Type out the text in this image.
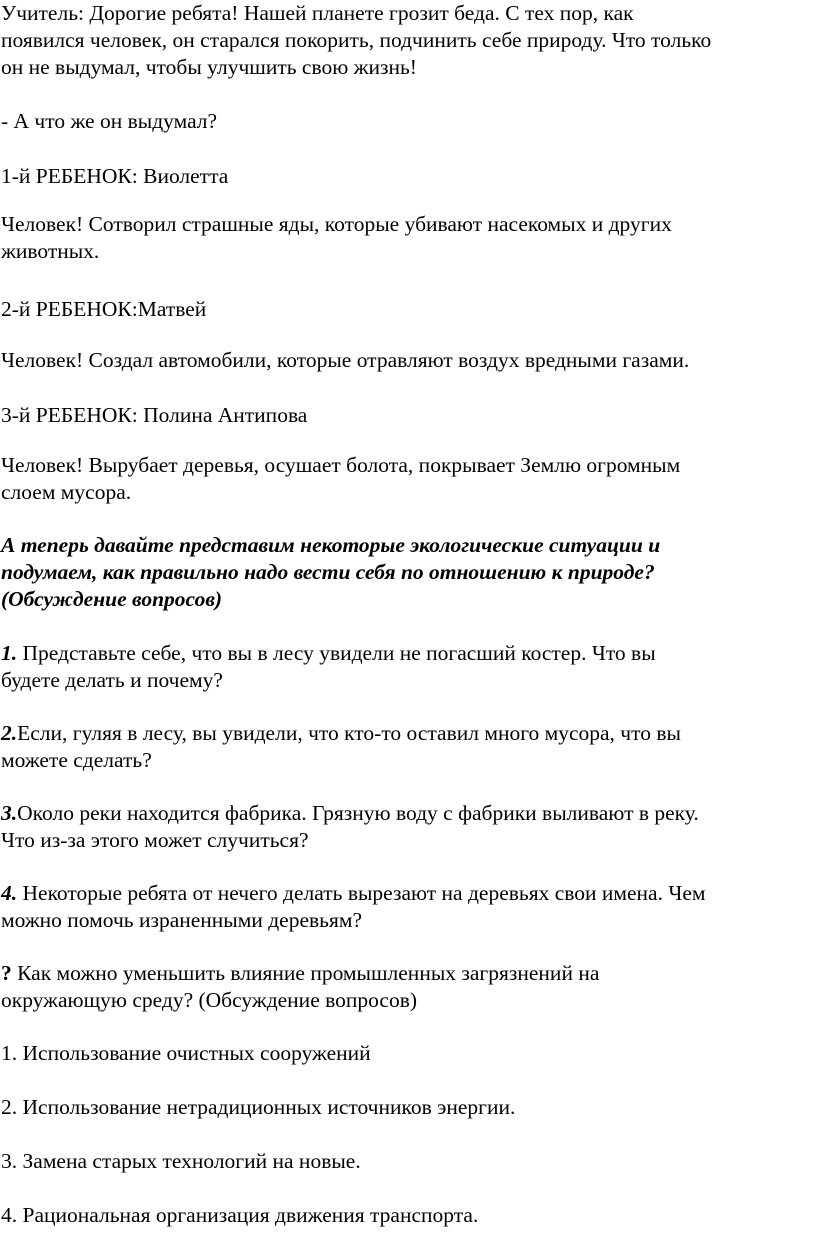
Учитель: Дорогие ребята! Нашей планете грозит беда. С тех пор, как
появился человек, он старался покорить, подчинить себе природу. Что только
он не выдумал, чтобы улучшить свою жизнь!

- А что же он выдумал?

1-й РЕБЕНОК: Виолетта

Человек! Сотворил страшные яды, которые убивают насекомых и других
животных.

2-й РЕБЕНОК:Матвей

Человек! Создал автомобили, которые отравляют воздух вредными газами.

3-й РЕБЕНОК: Полина Антипова

Человек! Вырубает деревья, осушает болота, покрывает Землю огромным
слоем мусора.

А теперь давайте представим некоторые экологические ситуации и
подумаем, как правильно надо вести себя по отношению к природе?
(Обсуждение вопросов)

1. Представьте себе, что вы в лесу увидели не погасший костер. Что вы
будете делать и почему?

2.Если, гуляя в лесу, вы увидели, что кто-то оставил много мусора, что вы
можете сделать?

3.Около реки находится фабрика. Грязную воду с фабрики выливают в реку.
Что из-за этого может случиться?

4. Некоторые ребята от нечего делать вырезают на деревьях свои имена. Чем
можно помочь израненными деревьям?

? Как можно уменьшить влияние промышленных загрязнений на
окружающую среду? (Обсуждение вопросов)

1. Использование очистных сооружений

2. Использование нетрадиционных источников энергии.

3. Замена старых технологий на новые.

4. Рациональная организация движения транспорта.
